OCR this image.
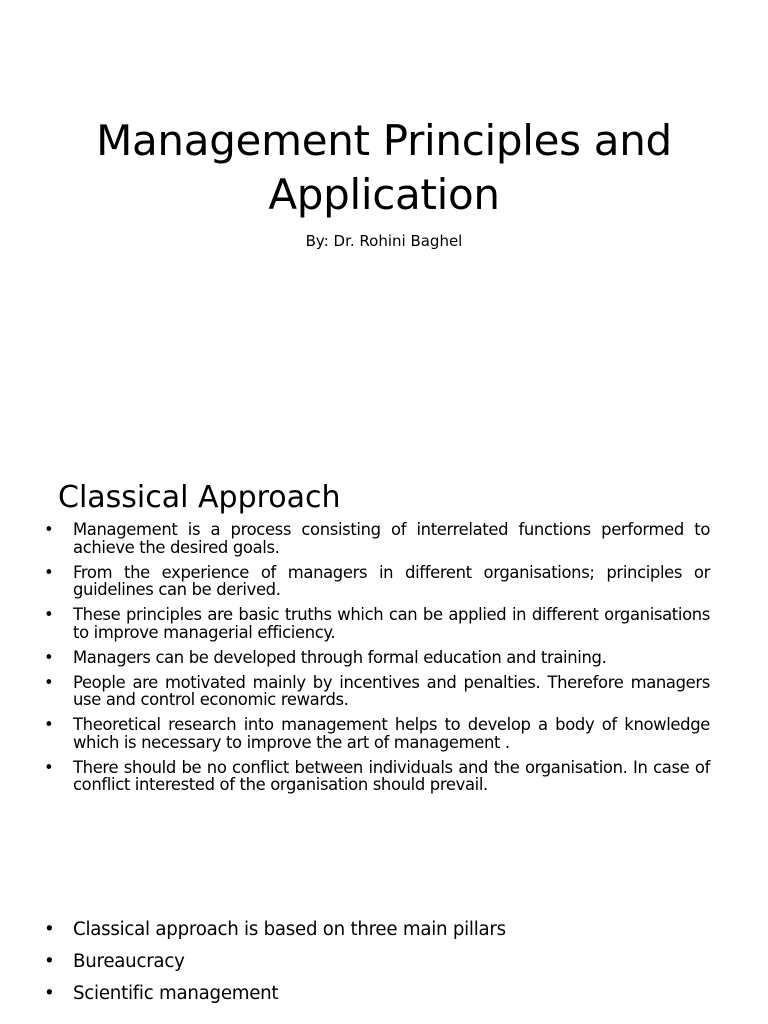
Management Principles and
Application

By: Dr. Rohini Baghel

Classical Approach
• Management is a process consisting of interrelated functions performed to achieve the desired goals.
• From the experience of managers in different organisations; principles or guidelines can be derived.
• These principles are basic truths which can be applied in different organisations to improve managerial efficiency.
• Managers can be developed through formal education and training.
• People are motivated mainly by incentives and penalties. Therefore managers use and control economic rewards.
• Theoretical research into management helps to develop a body of knowledge which is necessary to improve the art of management .
• There should be no conflict between individuals and the organisation. In case of conflict interested of the organisation should prevail.
• Classical approach is based on three main pillars
• Bureaucracy
• Scientific management
